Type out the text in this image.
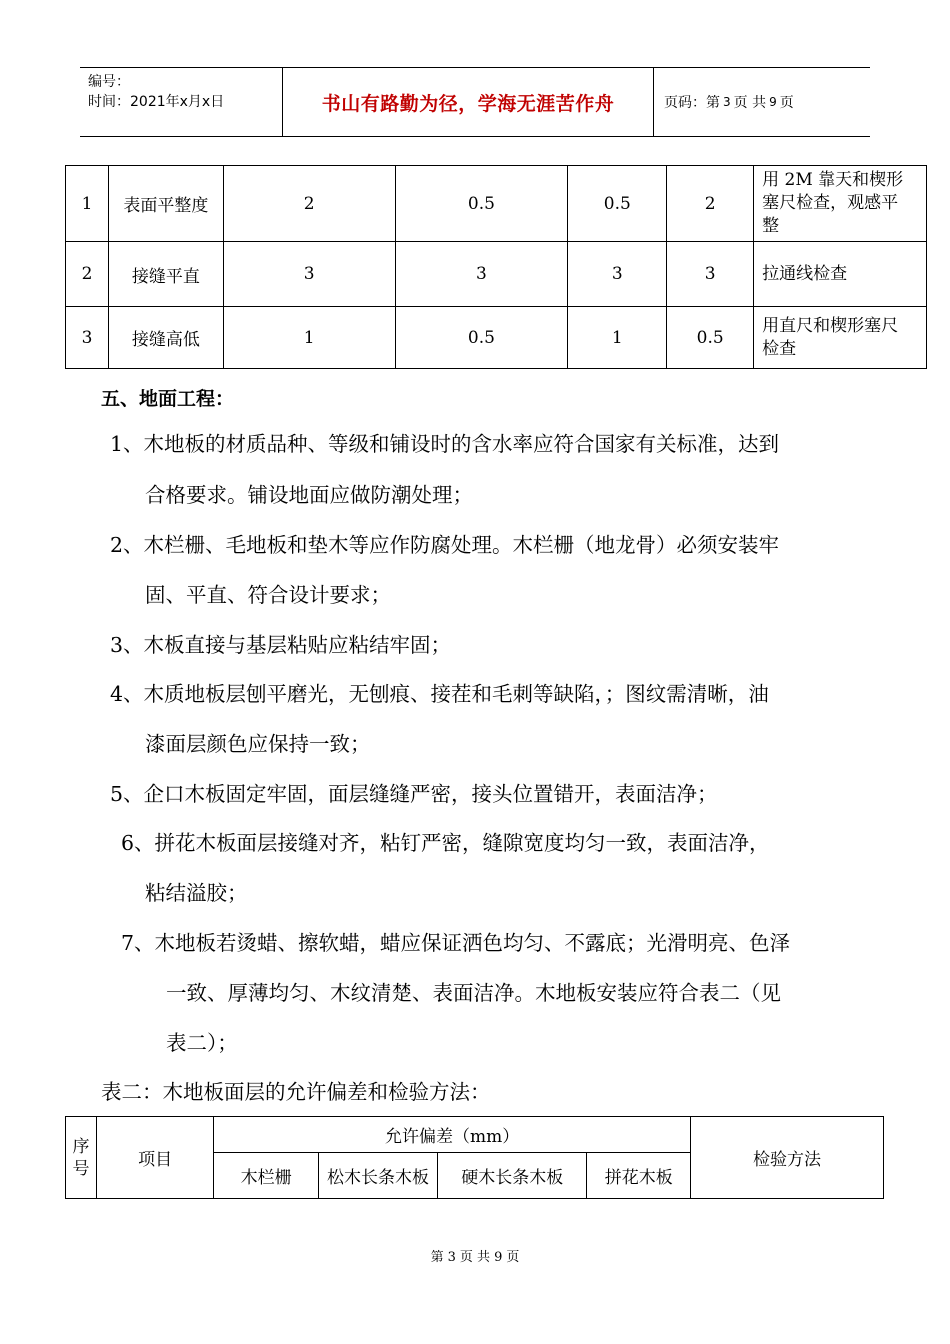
编号：
时间：2021年x月x日	书山有路勤为径，学海无涯苦作舟	页码：第 3 页 共 9 页
1	表面平整度	2	0.5	0.5	2	用 2M 靠天和楔形
塞尺检查，观感平
整

2	接缝平直	3	3	3	3	拉通线检查

3	接缝高低	1	0.5	1	0.5	用直尺和楔形塞尺
检查
五、地面工程：
1、木地板的材质品种、等级和铺设时的含水率应符合国家有关标准，达到
合格要求。铺设地面应做防潮处理；
2、木栏栅、毛地板和垫木等应作防腐处理。木栏栅（地龙骨）必须安装牢
固、平直、符合设计要求；
3、木板直接与基层粘贴应粘结牢固；
4、木质地板层刨平磨光，无刨痕、接茬和毛刺等缺陷，；图纹需清晰，油
漆面层颜色应保持一致；
5、企口木板固定牢固，面层缝缝严密，接头位置错开，表面洁净；
6、拼花木板面层接缝对齐，粘钉严密，缝隙宽度均匀一致，表面洁净，
粘结溢胶；
7、木地板若烫蜡、擦软蜡，蜡应保证洒色均匀、不露底；光滑明亮、色泽
一致、厚薄均匀、木纹清楚、表面洁净。木地板安装应符合表二（见
表二）；
表二：木地板面层的允许偏差和检验方法：
序
号	项目	允许偏差（mm）				检验方法
		木栏栅	松木长条木板	硬木长条木板	拼花木板	
第 3 页 共 9 页
